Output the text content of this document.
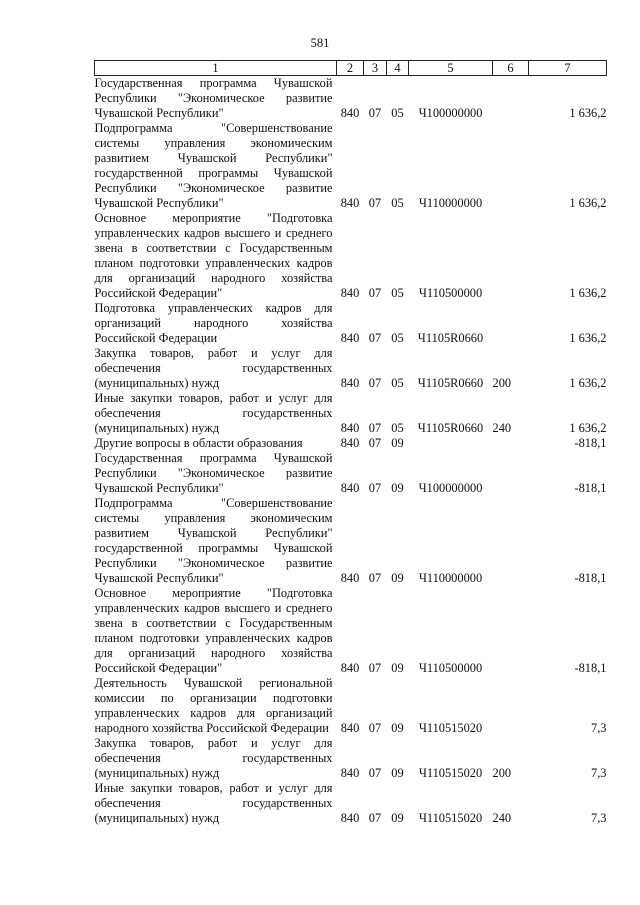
581
1	2	3	4	5	6	7
Государственная программа Чувашской Республики "Экономическое развитие Чувашской Республики"	840	07	05	Ч100000000		1 636,2
Подпрограмма "Совершенствование системы управления экономическим развитием Чувашской Республики" государственной программы Чувашской Республики "Экономическое развитие Чувашской Республики"	840	07	05	Ч110000000		1 636,2
Основное мероприятие "Подготовка управленческих кадров высшего и среднего звена в соответствии с Государственным планом подготовки управленческих кадров для организаций народного хозяйства Российской Федерации"	840	07	05	Ч110500000		1 636,2
Подготовка управленческих кадров для организаций народного хозяйства Российской Федерации	840	07	05	Ч1105R0660		1 636,2
Закупка товаров, работ и услуг для обеспечения государственных (муниципальных) нужд	840	07	05	Ч1105R0660	200	1 636,2
Иные закупки товаров, работ и услуг для обеспечения государственных (муниципальных) нужд	840	07	05	Ч1105R0660	240	1 636,2
Другие вопросы в области образования	840	07	09			-818,1
Государственная программа Чувашской Республики "Экономическое развитие Чувашской Республики"	840	07	09	Ч100000000		-818,1
Подпрограмма "Совершенствование системы управления экономическим развитием Чувашской Республики" государственной программы Чувашской Республики "Экономическое развитие Чувашской Республики"	840	07	09	Ч110000000		-818,1
Основное мероприятие "Подготовка управленческих кадров высшего и среднего звена в соответствии с Государственным планом подготовки управленческих кадров для организаций народного хозяйства Российской Федерации"	840	07	09	Ч110500000		-818,1
Деятельность Чувашской региональной комиссии по организации подготовки управленческих кадров для организаций народного хозяйства Российской Федерации	840	07	09	Ч110515020		7,3
Закупка товаров, работ и услуг для обеспечения государственных (муниципальных) нужд	840	07	09	Ч110515020	200	7,3
Иные закупки товаров, работ и услуг для обеспечения государственных (муниципальных) нужд	840	07	09	Ч110515020	240	7,3
